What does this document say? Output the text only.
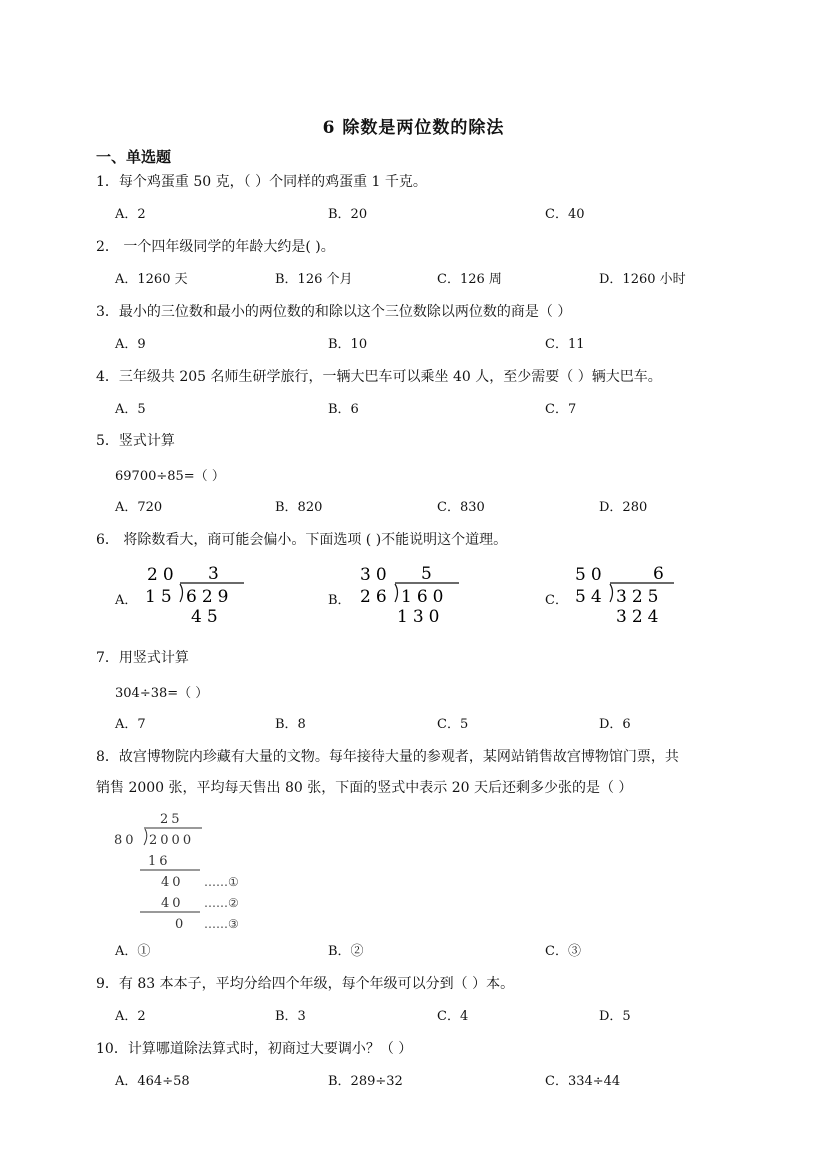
6 除数是两位数的除法
一、单选题
1．每个鸡蛋重 50 克，（ ）个同样的鸡蛋重 1 千克。
A．2	B．20	C．40
2． 一个四年级同学的年龄大约是( )。
A．1260 天	B．126 个月	C．126 周	D．1260 小时
3．最小的三位数和最小的两位数的和除以这个三位数除以两位数的商是（ ）
A．9	B．10	C．11
4．三年级共 205 名师生研学旅行，一辆大巴车可以乘坐 40 人，至少需要（ ）辆大巴车。
A．5	B．6	C．7
5．竖式计算
69700÷85=（ ）
A．720	B．820	C．830	D．280
6． 将除数看大，商可能会偏小。下面选项 ( )不能说明这个道理。
A．	B．	C．
20 3
15 629
45
30 5
26 160
130
50	6
54 325
324
7．用竖式计算
304÷38=（ ）
A．7	B．8	C．5	D．6
8．故宫博物院内珍藏有大量的文物。每年接待大量的参观者，某网站销售故宫博物馆门票，共
销售 2000 张，平均每天售出 80 张，下面的竖式中表示 20 天后还剩多少张的是（ ）
25
80 2000
16
40 ……①
40 ……②
0 ……③
A．①	B．②	C．③
9．有 83 本本子，平均分给四个年级，每个年级可以分到（ ）本。
A．2	B．3	C．4	D．5
10．计算哪道除法算式时，初商过大要调小？（ ）
A．464÷58	B．289÷32	C．334÷44
